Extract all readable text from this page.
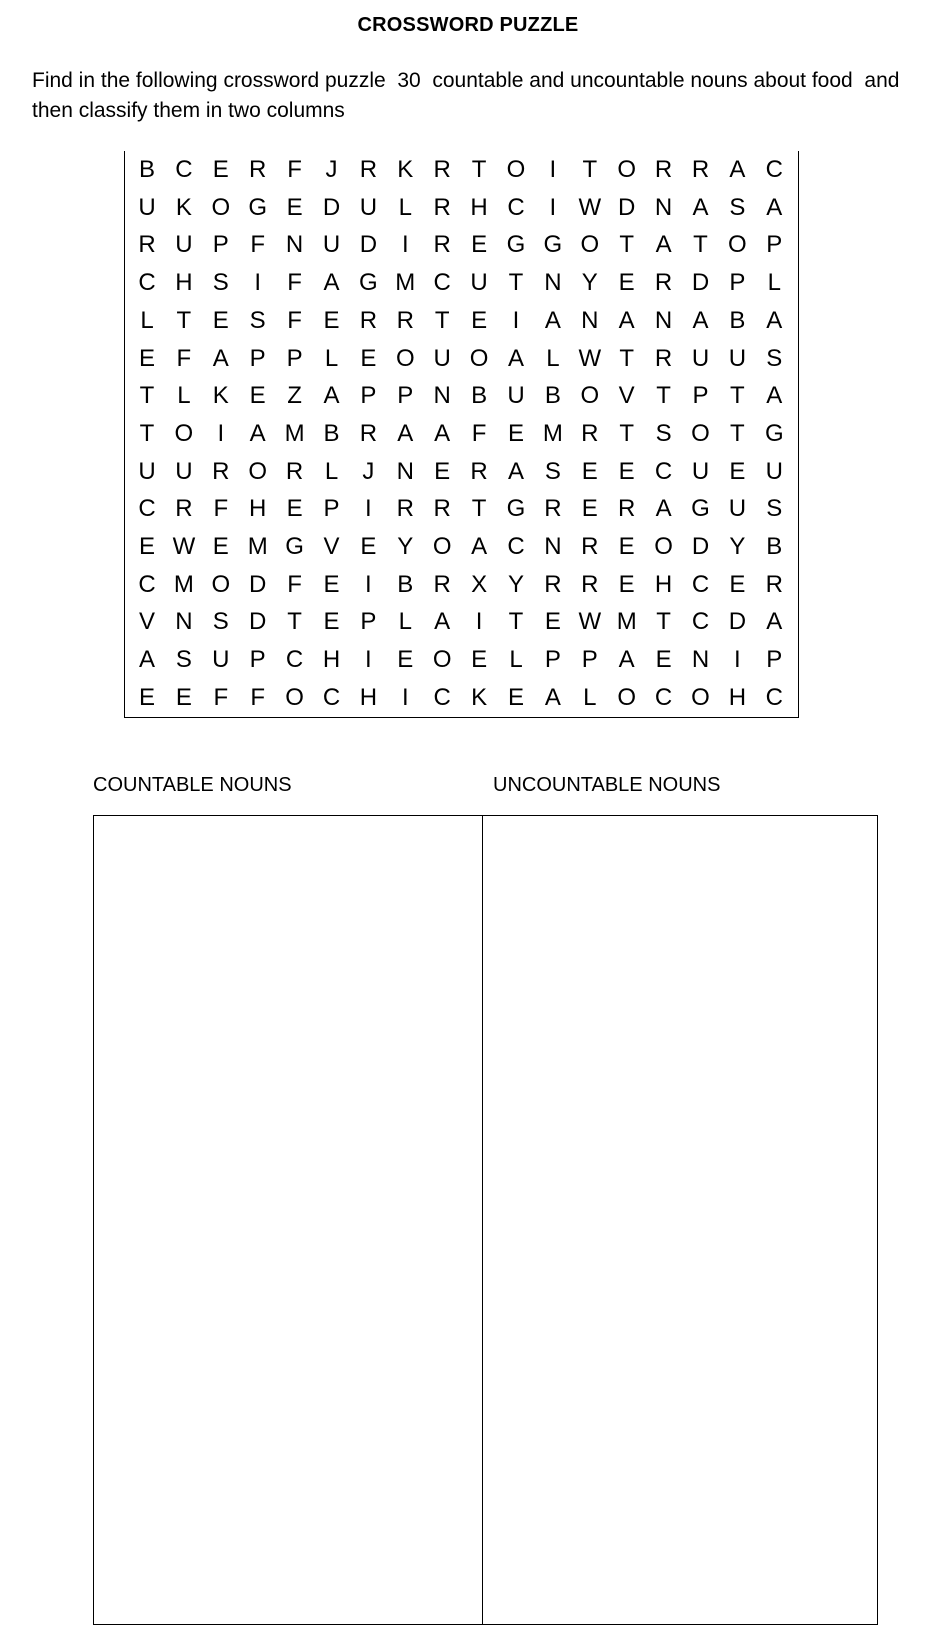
CROSSWORD PUZZLE
Find in the following crossword puzzle  30  countable and uncountable nouns about food  and then classify them in two columns
B C E R F J R K R T O	I	T O R R A C
U K O G E D U L R H C	I W D N A S A
R U P F N U D	I	R E G G O T A T O P
C H S	I	F A G M C U T N Y E R D P L
L T E S F E R R T E	I	A N A N A B A
E F A P P L E O U O A L W T R U U S
T L K E Z A P P N B U B O V T P T A
T O	I	A M B R A A F E M R T S O T G
U U R O R L	J N E R A S E E C U E U
C R F H E P	I	R R T G R E R A G U S
E W E M G V E Y O A C N R E O D Y B
C M O D F E	I	B R X Y R R E H C E R
V N S D T E P L A	I	T E W M T C D A
A S U P C H	I	E O E L P P A E N	I	P
E E F F O C H	I	C K E A L O C O H C
COUNTABLE NOUNS	UNCOUNTABLE NOUNS
